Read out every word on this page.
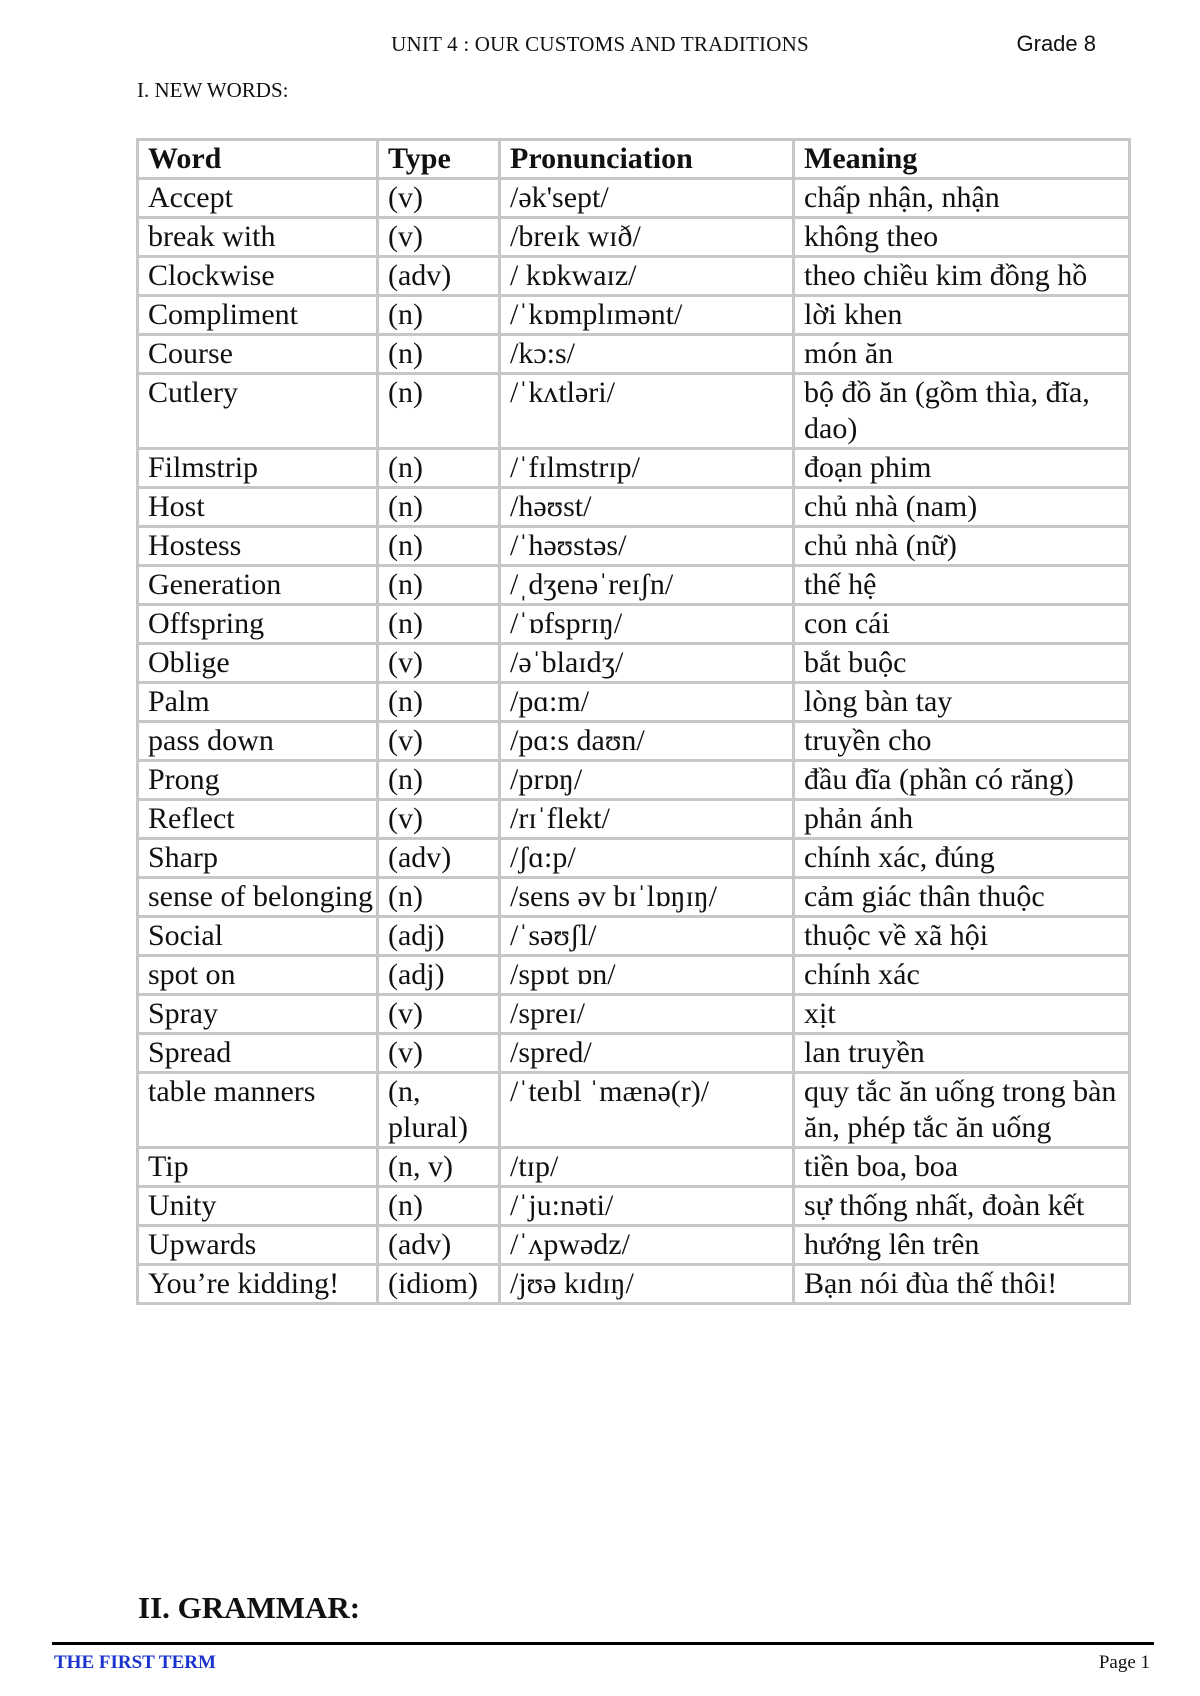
UNIT 4 : OUR CUSTOMS AND TRADITIONS	Grade 8
I. NEW WORDS:
Word	Type	Pronunciation	Meaning
Accept	(v)	/ək'sept/	chấp nhận, nhận
break with	(v)	/breɪk wɪð/	không theo
Clockwise	(adv)	/ kɒkwaɪz/	theo chiều kim đồng hồ
Compliment	(n)	/ˈkɒmplɪmənt/	lời khen
Course	(n)	/kɔ:s/	món ăn
Cutlery	(n)	/ˈkʌtləri/	bộ đồ ăn (gồm thìa, đĩa, dao)
Filmstrip	(n)	/ˈfɪlmstrɪp/	đoạn phim
Host	(n)	/həʊst/	chủ nhà (nam)
Hostess	(n)	/ˈhəʊstəs/	chủ nhà (nữ)
Generation	(n)	/ˌdʒenəˈreɪʃn/	thế hệ
Offspring	(n)	/ˈɒfsprɪŋ/	con cái
Oblige	(v)	/əˈblaɪdʒ/	bắt buộc
Palm	(n)	/pɑ:m/	lòng bàn tay
pass down	(v)	/pɑ:s daʊn/	truyền cho
Prong	(n)	/prɒŋ/	đầu đĩa (phần có răng)
Reflect	(v)	/rɪˈflekt/	phản ánh
Sharp	(adv)	/ʃɑ:p/	chính xác, đúng
sense of belonging	(n)	/sens əv bɪˈlɒŋɪŋ/	cảm giác thân thuộc
Social	(adj)	/ˈsəʊʃl/	thuộc về xã hội
spot on	(adj)	/spɒt ɒn/	chính xác
Spray	(v)	/spreɪ/	xịt
Spread	(v)	/spred/	lan truyền
table manners	(n, plural)	/ˈteɪbl ˈmænə(r)/	quy tắc ăn uống trong bàn ăn, phép tắc ăn uống
Tip	(n, v)	/tɪp/	tiền boa, boa
Unity	(n)	/ˈju:nəti/	sự thống nhất, đoàn kết
Upwards	(adv)	/ˈʌpwədz/	hướng lên trên
You’re kidding!	(idiom)	/jʊə kɪdɪŋ/	Bạn nói đùa thế thôi!
II. GRAMMAR:
THE FIRST TERM	Page 1
